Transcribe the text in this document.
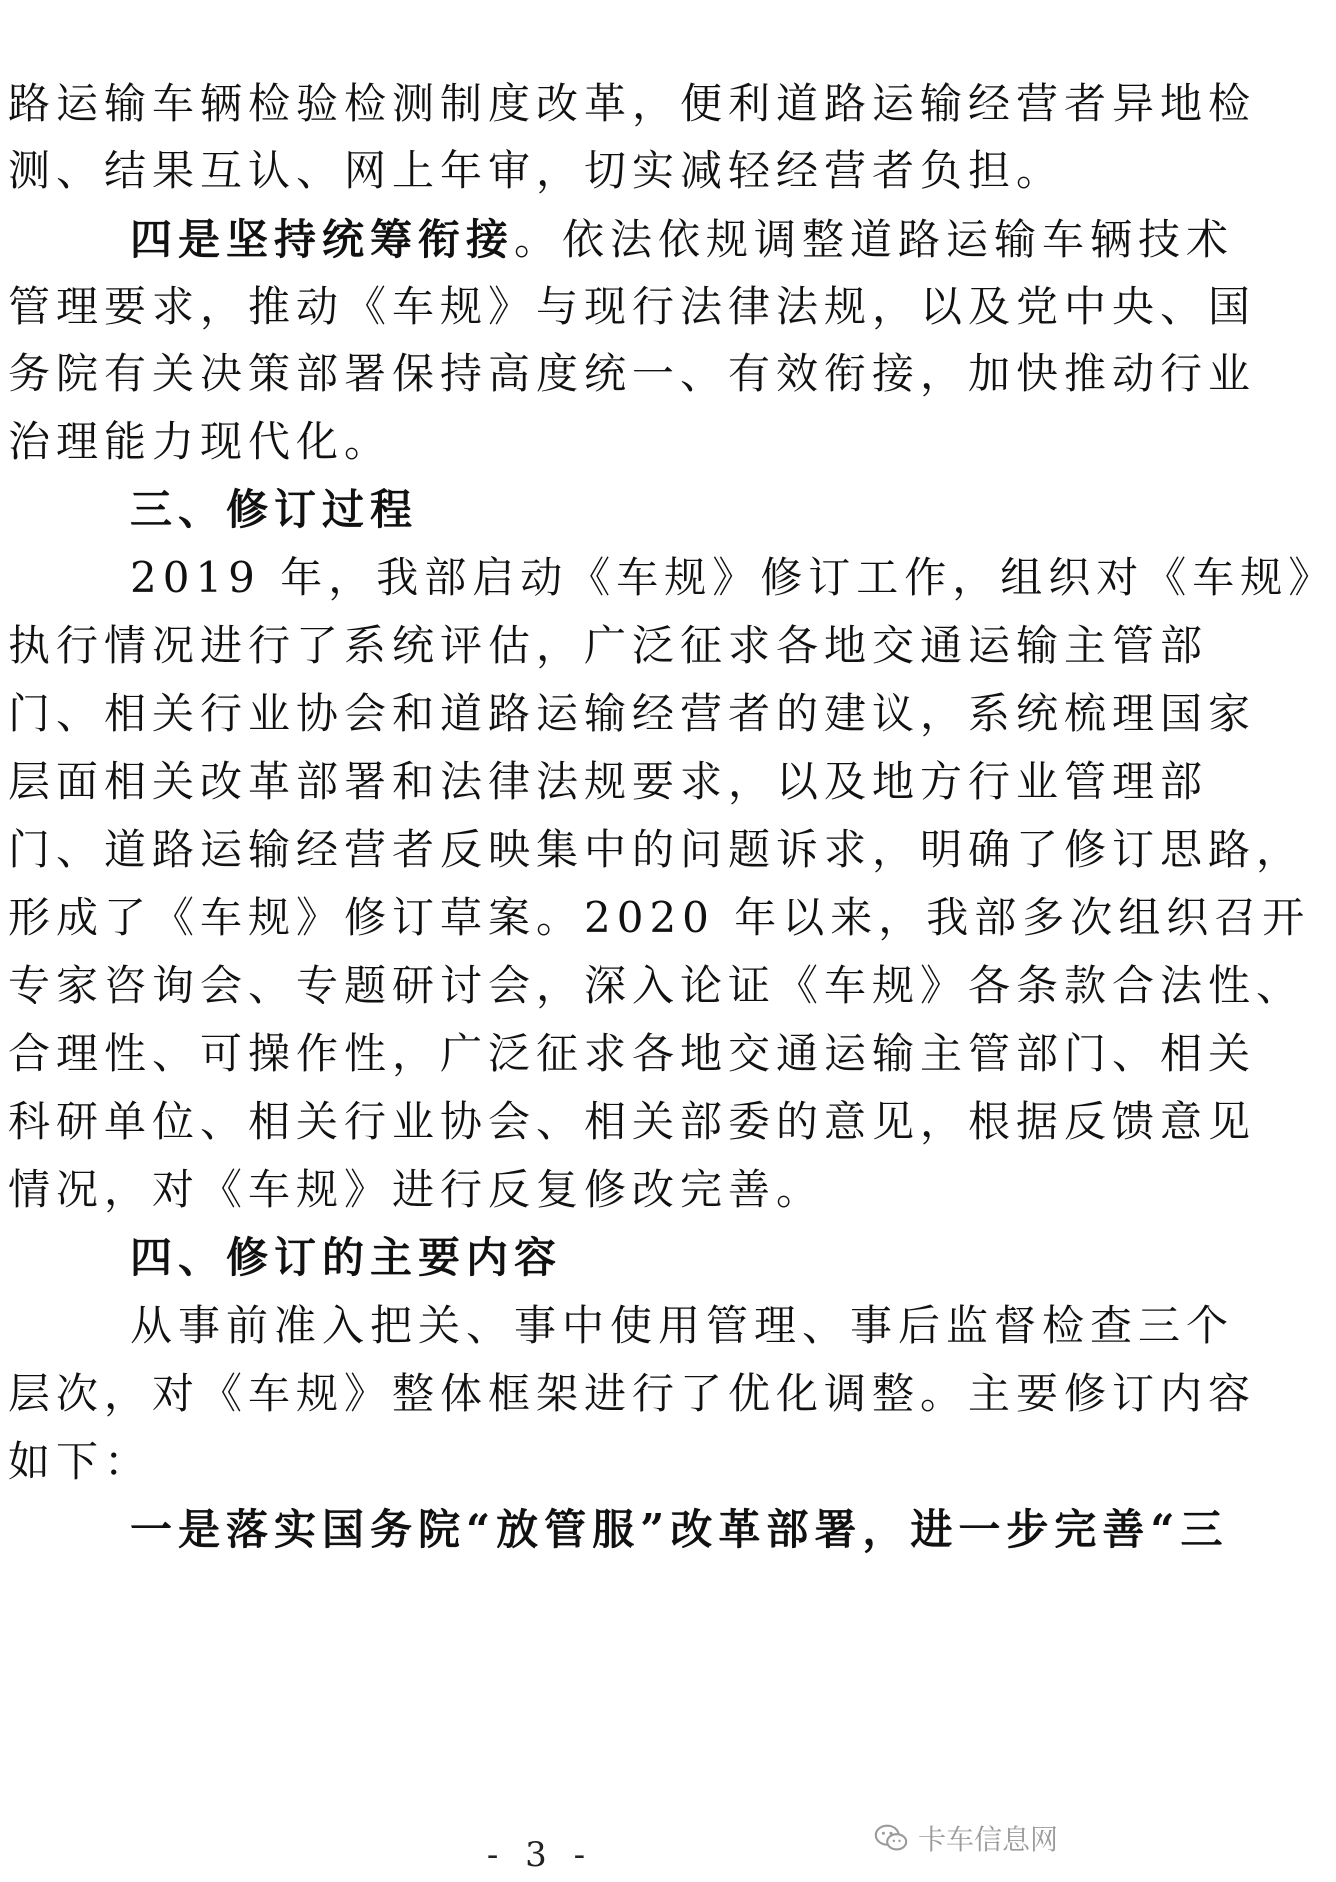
路运输车辆检验检测制度改革，便利道路运输经营者异地检
测、结果互认、网上年审，切实减轻经营者负担。
四是坚持统筹衔接。依法依规调整道路运输车辆技术
管理要求，推动《车规》与现行法律法规，以及党中央、国
务院有关决策部署保持高度统一、有效衔接，加快推动行业
治理能力现代化。
三、修订过程
2019 年，我部启动《车规》修订工作，组织对《车规》
执行情况进行了系统评估，广泛征求各地交通运输主管部
门、相关行业协会和道路运输经营者的建议，系统梳理国家
层面相关改革部署和法律法规要求，以及地方行业管理部
门、道路运输经营者反映集中的问题诉求，明确了修订思路，
形成了《车规》修订草案。2020 年以来，我部多次组织召开
专家咨询会、专题研讨会，深入论证《车规》各条款合法性、
合理性、可操作性，广泛征求各地交通运输主管部门、相关
科研单位、相关行业协会、相关部委的意见，根据反馈意见
情况，对《车规》进行反复修改完善。
四、修订的主要内容
从事前准入把关、事中使用管理、事后监督检查三个
层次，对《车规》整体框架进行了优化调整。主要修订内容
如下：
一是落实国务院“放管服”改革部署，进一步完善“三
卡车信息网
- 3 -
